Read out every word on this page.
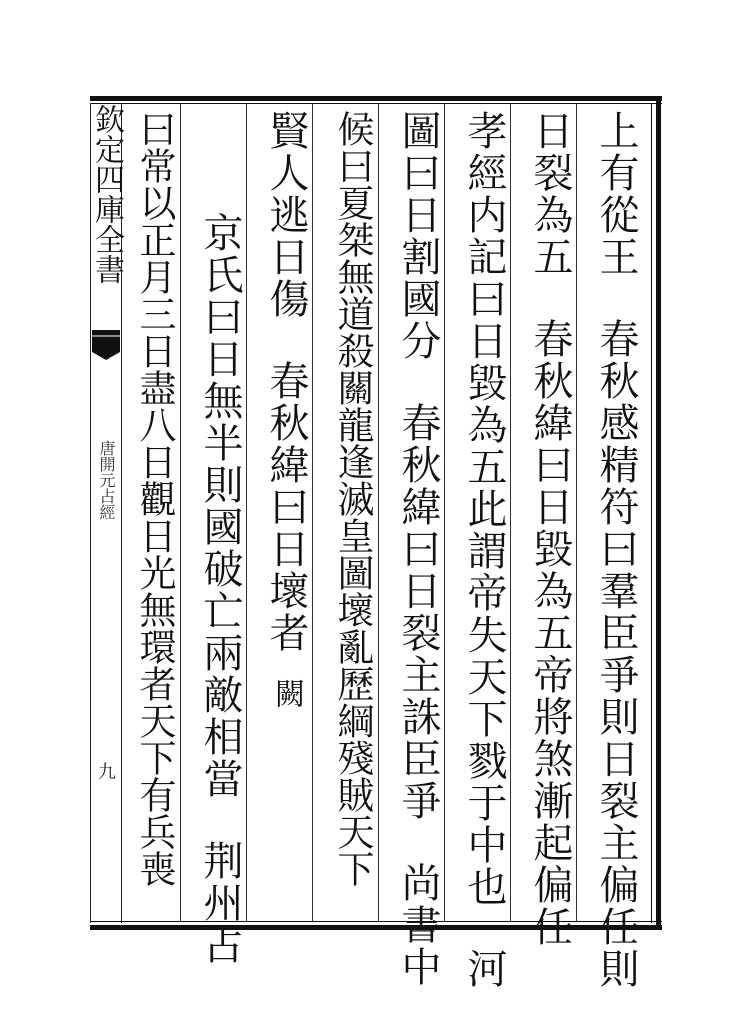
欽定四庫全書
唐開元占經
九
上有從王春秋感精符曰羣臣爭則日裂主偏任則
日裂為五春秋緯曰日毀為五帝將煞漸起偏任
孝經内記曰日毀為五此謂帝失天下戮于中也河
圖曰日割國分春秋緯曰日裂主誅臣爭尚書中
候曰夏桀無道殺關龍逢滅皇圖壞亂歷綱殘賊天下
賢人逃日傷春秋緯曰日壞者闕
京氏曰日無半則國破亡兩敵相當荆州占
曰常以正月三日盡八日觀日光無環者天下有兵喪
